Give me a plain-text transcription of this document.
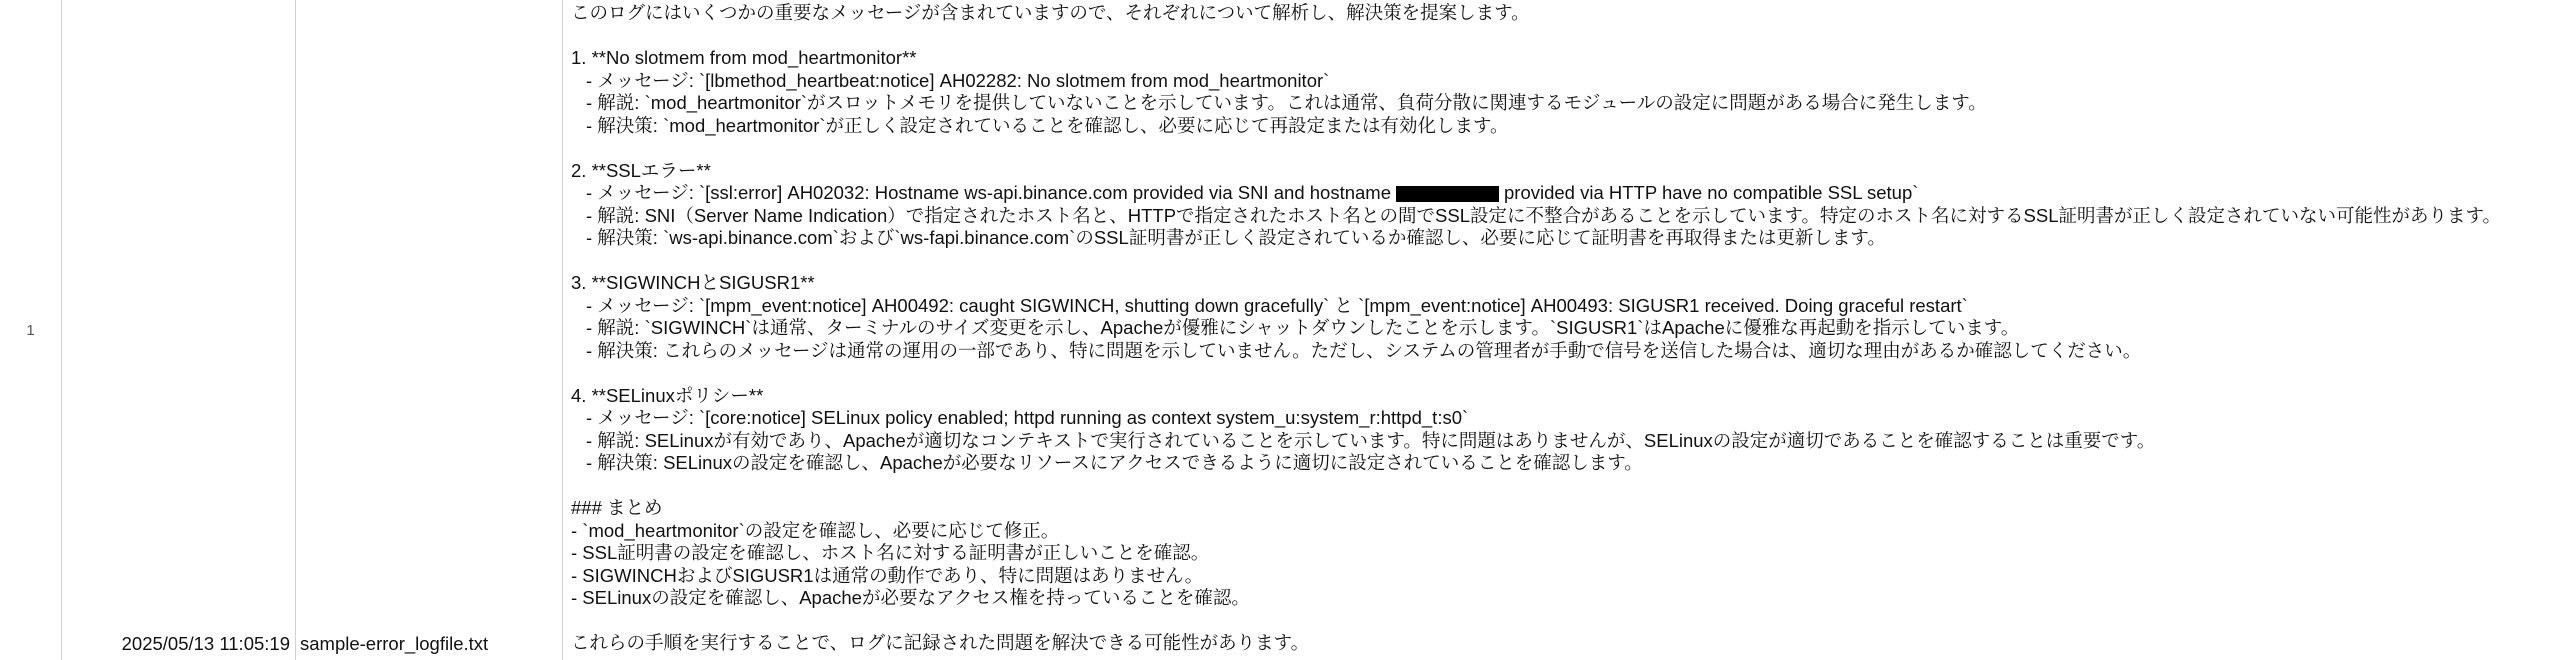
1
2025/05/13 11:05:19 sample-error_logfile.txt
このログにはいくつかの重要なメッセージが含まれていますので、それぞれについて解析し、解決策を提案します。
1. **No slotmem from mod_heartmonitor**
- メッセージ: `[lbmethod_heartbeat:notice] AH02282: No slotmem from mod_heartmonitor`
- 解説: `mod_heartmonitor`がスロットメモリを提供していないことを示しています。これは通常、負荷分散に関連するモジュールの設定に問題がある場合に発生します。
- 解決策: `mod_heartmonitor`が正しく設定されていることを確認し、必要に応じて再設定または有効化します。
2. **SSLエラー**
- メッセージ: `[ssl:error] AH02032: Hostname ws-api.binance.com provided via SNI and hostname	provided via HTTP have no compatible SSL setup`
- 解説: SNI（Server Name Indication）で指定されたホスト名と、HTTPで指定されたホスト名との間でSSL設定に不整合があることを示しています。特定のホスト名に対するSSL証明書が正しく設定されていない可能性があります。
- 解決策: `ws-api.binance.com`および`ws-fapi.binance.com`のSSL証明書が正しく設定されているか確認し、必要に応じて証明書を再取得または更新します。
3. **SIGWINCHとSIGUSR1**
- メッセージ: `[mpm_event:notice] AH00492: caught SIGWINCH, shutting down gracefully` と `[mpm_event:notice] AH00493: SIGUSR1 received. Doing graceful restart`
- 解説: `SIGWINCH`は通常、ターミナルのサイズ変更を示し、Apacheが優雅にシャットダウンしたことを示します。`SIGUSR1`はApacheに優雅な再起動を指示しています。
- 解決策: これらのメッセージは通常の運用の一部であり、特に問題を示していません。ただし、システムの管理者が手動で信号を送信した場合は、適切な理由があるか確認してください。
4. **SELinuxポリシー**
- メッセージ: `[core:notice] SELinux policy enabled; httpd running as context system_u:system_r:httpd_t:s0`
- 解説: SELinuxが有効であり、Apacheが適切なコンテキストで実行されていることを示しています。特に問題はありませんが、SELinuxの設定が適切であることを確認することは重要です。
- 解決策: SELinuxの設定を確認し、Apacheが必要なリソースにアクセスできるように適切に設定されていることを確認します。
### まとめ
- `mod_heartmonitor`の設定を確認し、必要に応じて修正。
- SSL証明書の設定を確認し、ホスト名に対する証明書が正しいことを確認。
- SIGWINCHおよびSIGUSR1は通常の動作であり、特に問題はありません。
- SELinuxの設定を確認し、Apacheが必要なアクセス権を持っていることを確認。
これらの手順を実行することで、ログに記録された問題を解決できる可能性があります。
